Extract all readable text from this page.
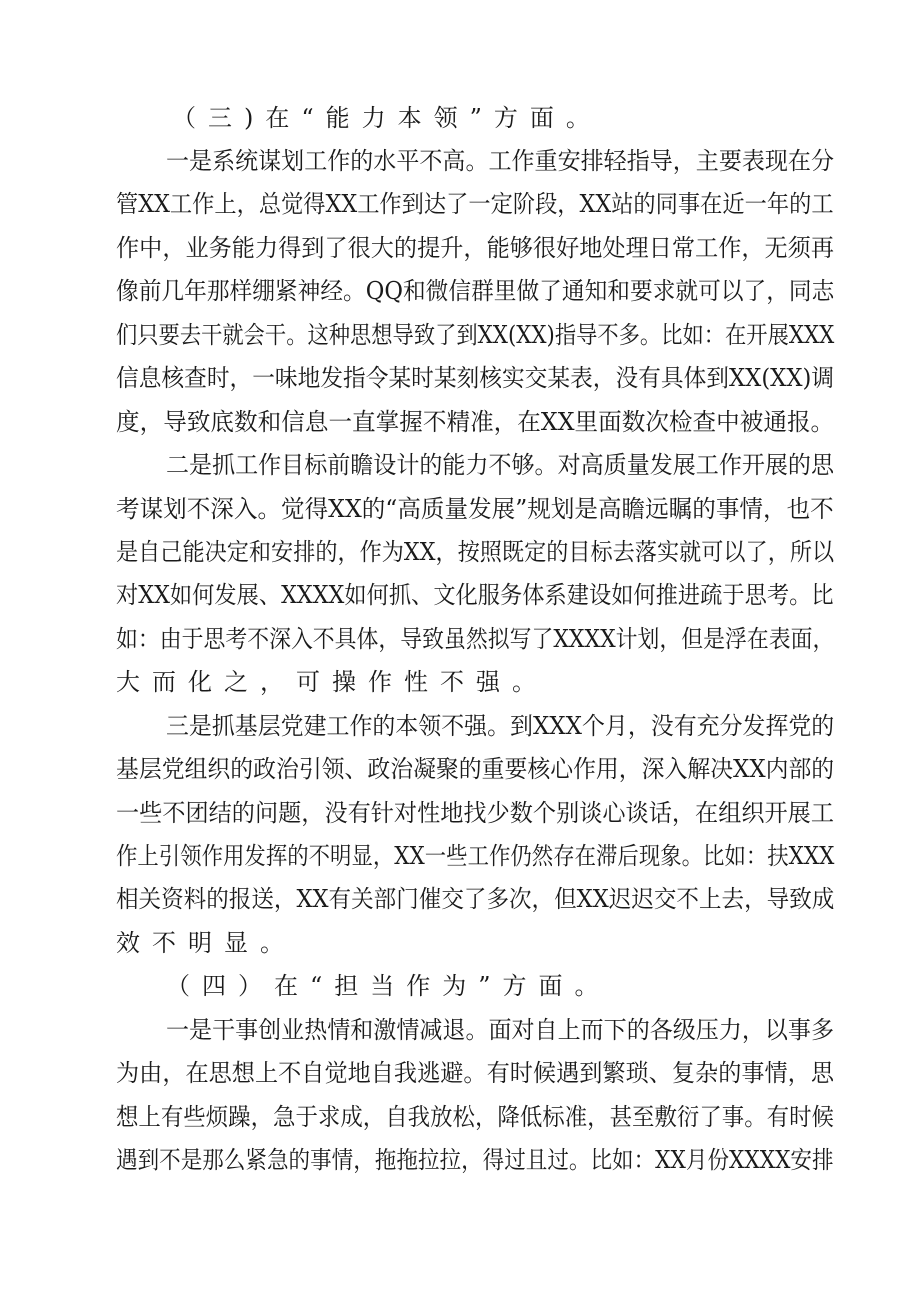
（三)在“能力本领”方面。
一是系统谋划工作的水平不高。工作重安排轻指导，主要表现在分
管XX工作上，总觉得XX工作到达了一定阶段，XX站的同事在近一年的工
作中，业务能力得到了很大的提升，能够很好地处理日常工作，无须再
像前几年那样绷紧神经。QQ和微信群里做了通知和要求就可以了，同志
们只要去干就会干。这种思想导致了到XX(XX)指导不多。比如：在开展XXX
信息核查时，一味地发指令某时某刻核实交某表，没有具体到XX(XX)调
度，导致底数和信息一直掌握不精准，在XX里面数次检查中被通报。
二是抓工作目标前瞻设计的能力不够。对高质量发展工作开展的思
考谋划不深入。觉得XX的“高质量发展”规划是高瞻远瞩的事情，也不
是自己能决定和安排的，作为XX，按照既定的目标去落实就可以了，所以
对XX如何发展、XXXX如何抓、文化服务体系建设如何推进疏于思考。比
如：由于思考不深入不具体，导致虽然拟写了XXXX计划，但是浮在表面，
大而化之，可操作性不强。
三是抓基层党建工作的本领不强。到XXX个月，没有充分发挥党的
基层党组织的政治引领、政治凝聚的重要核心作用，深入解决XX内部的
一些不团结的问题，没有针对性地找少数个别谈心谈话，在组织开展工
作上引领作用发挥的不明显，XX一些工作仍然存在滞后现象。比如：扶XXX
相关资料的报送，XX有关部门催交了多次，但XX迟迟交不上去，导致成
效不明显。
（四）在“担当作为”方面。
一是干事创业热情和激情减退。面对自上而下的各级压力，以事多
为由，在思想上不自觉地自我逃避。有时候遇到繁琐、复杂的事情，思
想上有些烦躁，急于求成，自我放松，降低标准，甚至敷衍了事。有时候
遇到不是那么紧急的事情，拖拖拉拉，得过且过。比如：XX月份XXXX安排
